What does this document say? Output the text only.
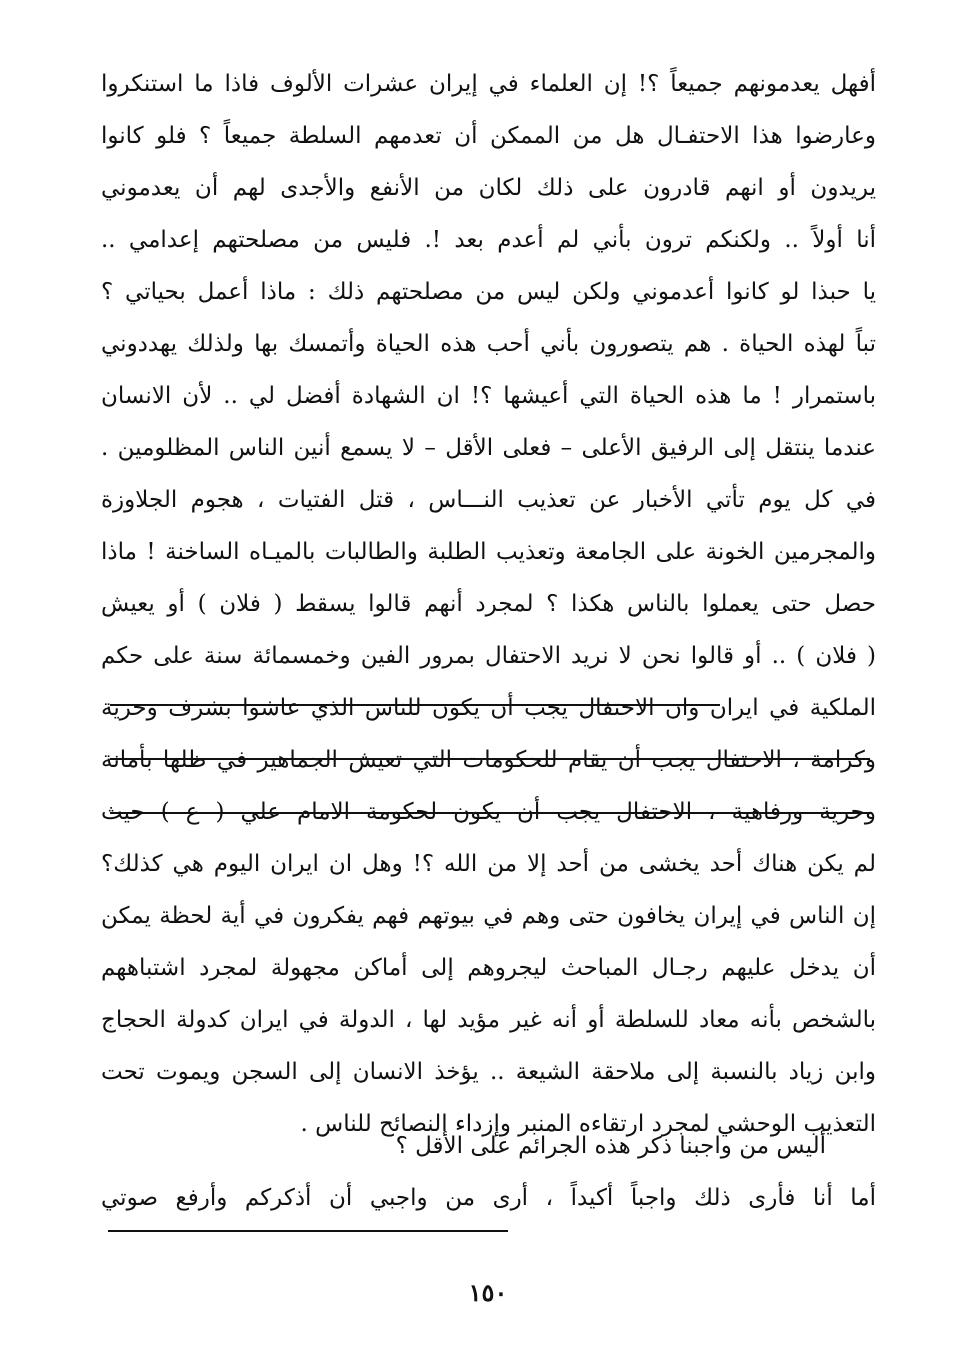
أفهل يعدمونهم جميعاً ؟! إن العلماء في إيران عشرات الألوف فاذا ما استنكروا
وعارضوا هذا الاحتفـال هل من الممكن أن تعدمهم السلطة جميعاً ؟ فلو كانوا
يريدون أو انهم قادرون على ذلك لكان من الأنفع والأجدى لهم أن يعدموني
أنا أولاً .. ولكنكم ترون بأني لم أعدم بعد !. فليس من مصلحتهم إعدامي ..
يا حبذا لو كانوا أعدموني ولكن ليس من مصلحتهم ذلك : ماذا أعمل بحياتي ؟
تباً لهذه الحياة . هم يتصورون بأني أحب هذه الحياة وأتمسك بها ولذلك يهددوني
باستمرار ! ما هذه الحياة التي أعيشها ؟! ان الشهادة أفضل لي .. لأن الانسان
عندما ينتقل إلى الرفيق الأعلى – فعلى الأقل – لا يسمع أنين الناس المظلومين .
في كل يوم تأتي الأخبار عن تعذيب النـــاس ، قتل الفتيات ، هجوم الجلاوزة
والمجرمين الخونة على الجامعة وتعذيب الطلبة والطالبات بالميـاه الساخنة ! ماذا
حصل حتى يعملوا بالناس هكذا ؟ لمجرد أنهم قالوا يسقط ( فلان ) أو يعيش
( فلان ) .. أو قالوا نحن لا نريد الاحتفال بمرور الفين وخمسمائة سنة على حكم
الملكية في ايران وان الاحتفال يجب أن يكون للناس الذي عاشوا بشرف وحرية
وكرامة ، الاحتفال يجب أن يقام للحكومات التي تعيش الجماهير في ظلها بأمانة
وحرية ورفاهية ، الاحتفال يجب أن يكون لحكومة الامام علي ( ع ) حيث
لم يكن هناك أحد يخشى من أحد إلا من الله ؟! وهل ان ايران اليوم هي كذلك؟
إن الناس في إيران يخافون حتى وهم في بيوتهم فهم يفكرون في أية لحظة يمكن
أن يدخل عليهم رجـال المباحث ليجروهم إلى أماكن مجهولة لمجرد اشتباههم
بالشخص بأنه معاد للسلطة أو أنه غير مؤيد لها ، الدولة في ايران كدولة الحجاج
وابن زياد بالنسبة إلى ملاحقة الشيعة .. يؤخذ الانسان إلى السجن ويموت تحت
التعذيب الوحشي لمجرد ارتقاءه المنبر وإزداء النصائح للناس .
أليس من واجبنا ذكر هذه الجرائم على الأقل ؟
أما أنا فأرى ذلك واجباً أكيداً ، أرى من واجبي أن أذكركم وأرفع صوتي
١٥٠
